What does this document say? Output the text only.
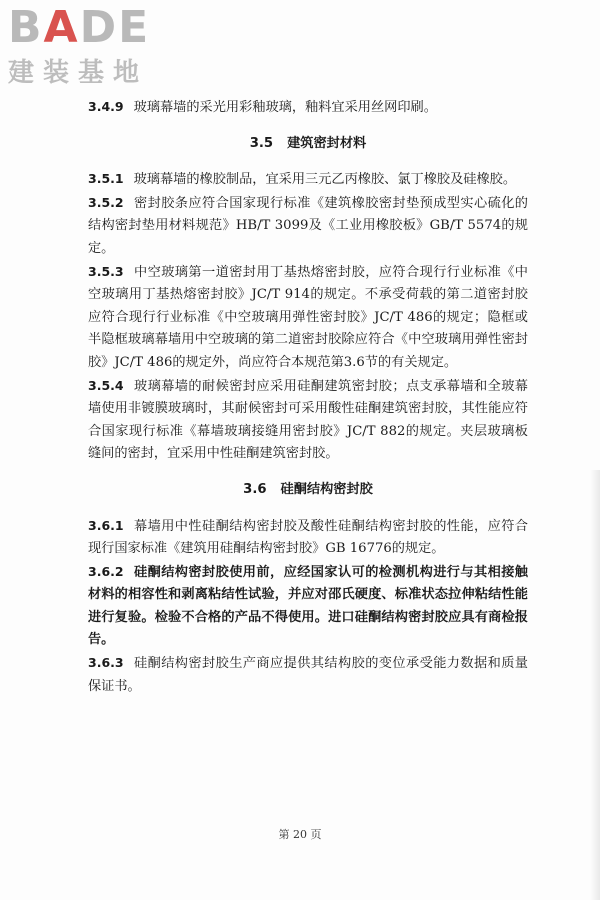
BADE
建装基地

3.4.9 玻璃幕墙的采光用彩釉玻璃，釉料宜采用丝网印刷。

3.5 建筑密封材料

3.5.1 玻璃幕墙的橡胶制品，宜采用三元乙丙橡胶、氯丁橡胶及硅橡胶。

3.5.2 密封胶条应符合国家现行标准《建筑橡胶密封垫预成型实心硫化的结构密封垫用材料规范》HB/T 3099及《工业用橡胶板》GB/T 5574的规定。

3.5.3 中空玻璃第一道密封用丁基热熔密封胶，应符合现行行业标准《中空玻璃用丁基热熔密封胶》JC/T 914的规定。不承受荷载的第二道密封胶应符合现行行业标准《中空玻璃用弹性密封胶》JC/T 486的规定；隐框或半隐框玻璃幕墙用中空玻璃的第二道密封胶除应符合《中空玻璃用弹性密封胶》JC/T 486的规定外，尚应符合本规范第3.6节的有关规定。

3.5.4 玻璃幕墙的耐候密封应采用硅酮建筑密封胶；点支承幕墙和全玻幕墙使用非镀膜玻璃时，其耐候密封可采用酸性硅酮建筑密封胶，其性能应符合国家现行标准《幕墙玻璃接缝用密封胶》JC/T 882的规定。夹层玻璃板缝间的密封，宜采用中性硅酮建筑密封胶。

3.6 硅酮结构密封胶

3.6.1 幕墙用中性硅酮结构密封胶及酸性硅酮结构密封胶的性能，应符合现行国家标准《建筑用硅酮结构密封胶》GB 16776的规定。

3.6.2 硅酮结构密封胶使用前，应经国家认可的检测机构进行与其相接触材料的相容性和剥离粘结性试验，并应对邵氏硬度、标准状态拉伸粘结性能进行复验。检验不合格的产品不得使用。进口硅酮结构密封胶应具有商检报告。

3.6.3 硅酮结构密封胶生产商应提供其结构胶的变位承受能力数据和质量保证书。

第 20 页
